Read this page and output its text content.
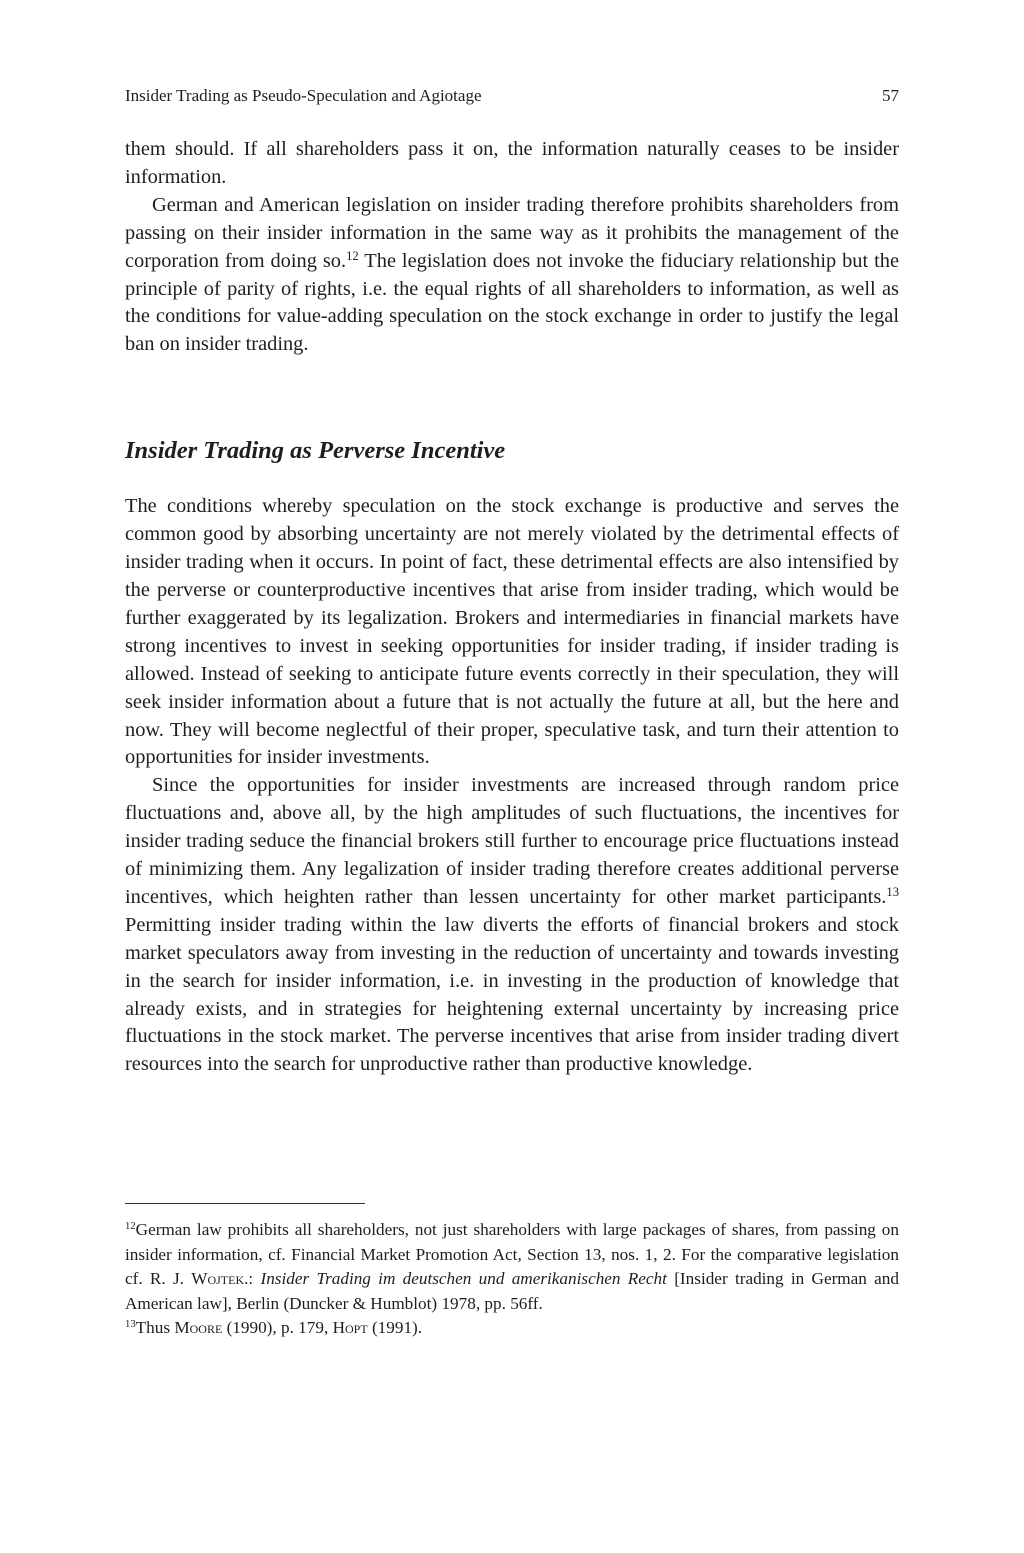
Insider Trading as Pseudo-Speculation and Agiotage	57

them should. If all shareholders pass it on, the information naturally ceases to be insider information.

German and American legislation on insider trading therefore prohibits shareholders from passing on their insider information in the same way as it prohibits the management of the corporation from doing so.$^{12}$ The legislation does not invoke the fiduciary relationship but the principle of parity of rights, i.e. the equal rights of all shareholders to information, as well as the conditions for value-adding speculation on the stock exchange in order to justify the legal ban on insider trading.

Insider Trading as Perverse Incentive

The conditions whereby speculation on the stock exchange is productive and serves the common good by absorbing uncertainty are not merely violated by the detrimental effects of insider trading when it occurs. In point of fact, these detrimental effects are also intensified by the perverse or counterproductive incentives that arise from insider trading, which would be further exaggerated by its legalization. Brokers and intermediaries in financial markets have strong incentives to invest in seeking opportunities for insider trading, if insider trading is allowed. Instead of seeking to anticipate future events correctly in their speculation, they will seek insider information about a future that is not actually the future at all, but the here and now. They will become neglectful of their proper, speculative task, and turn their attention to opportunities for insider investments.

Since the opportunities for insider investments are increased through random price fluctuations and, above all, by the high amplitudes of such fluctuations, the incentives for insider trading seduce the financial brokers still further to encourage price fluctuations instead of minimizing them. Any legalization of insider trading therefore creates additional perverse incentives, which heighten rather than lessen uncertainty for other market participants.$^{13}$ Permitting insider trading within the law diverts the efforts of financial brokers and stock market speculators away from investing in the reduction of uncertainty and towards investing in the search for insider information, i.e. in investing in the production of knowledge that already exists, and in strategies for heightening external uncertainty by increasing price fluctuations in the stock market. The perverse incentives that arise from insider trading divert resources into the search for unproductive rather than productive knowledge.

$^{12}$German law prohibits all shareholders, not just shareholders with large packages of shares, from passing on insider information, cf. Financial Market Promotion Act, Section 13, nos. 1, 2. For the comparative legislation cf. R. J. Wojtek.: Insider Trading im deutschen und amerikanischen Recht [Insider trading in German and American law], Berlin (Duncker & Humblot) 1978, pp. 56ff.

$^{13}$Thus Moore (1990), p. 179, Hopt (1991).
